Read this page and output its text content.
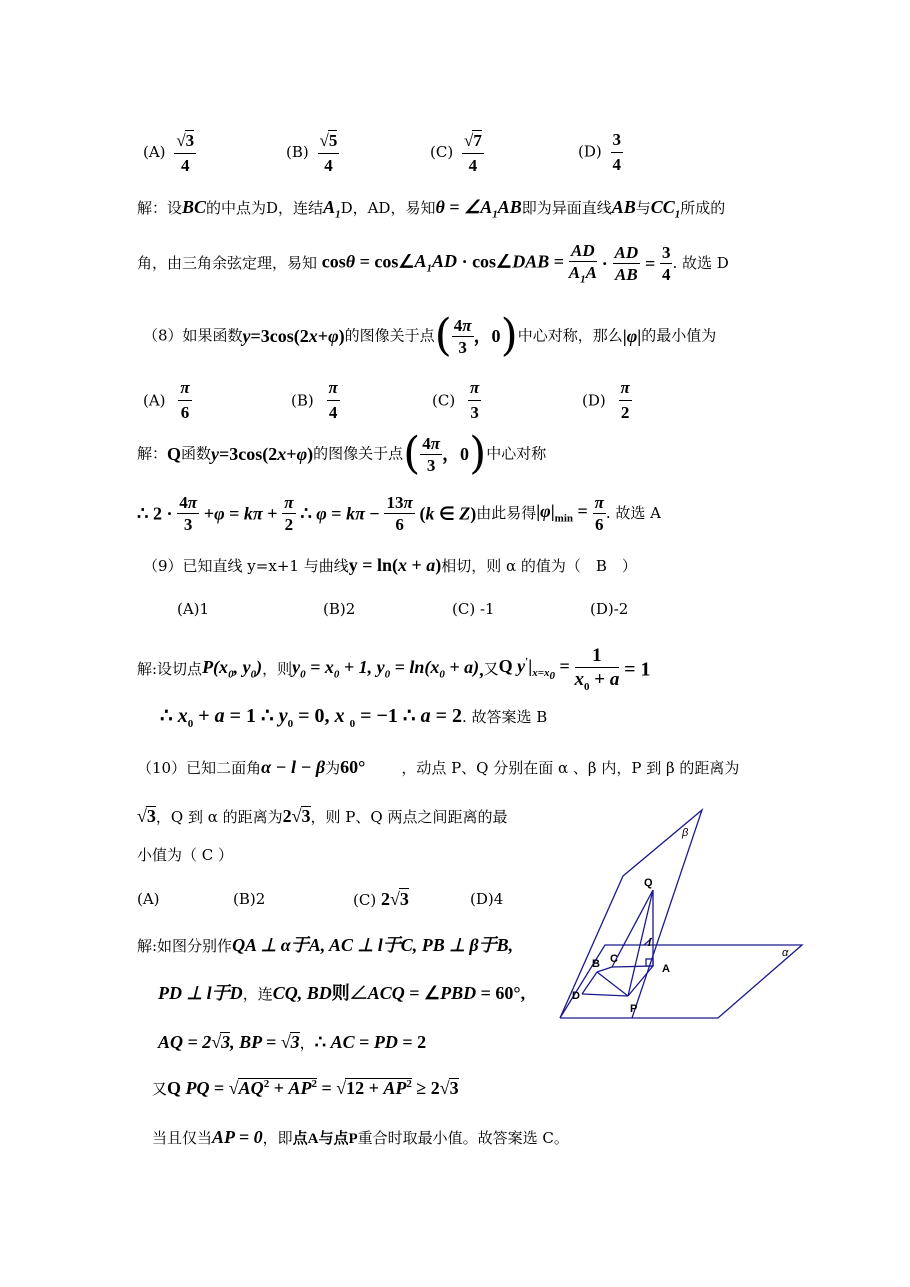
$(A) \frac{√3}{4}$	$(B) \frac{√5}{4}$	$(C) \frac{√7}{4}$	$(D) \frac{3}{4}$
解：设BC的中点为D，连结$A_1D$，AD，易知$\theta = \angle A_1AB$即为异面直线AB与$CC_1$所成的
角，由三角余弦定理，易知 $\cos\theta = \cos\angle A_1AD$ · cos∠DAB = $\frac{AD}{A_1A} \cdot \frac{AD}{AB} = \frac{3}{4}$ . 故选 D
（8）如果函数y=3cos(2x+φ)的图像关于点( $\frac{4\pi}{3}$ ，0)中心对称，那么|φ|的最小值为
$(A) \frac{\pi}{6}$	$(B) \frac{\pi}{4}$	$(C) \frac{\pi}{3}$	$(D) \frac{\pi}{2}$
解：Q函数y=3cos(2x+φ)的图像关于点( $\frac{4\pi}{3}$ ，0)中心对称
∴ $2 \cdot \frac{4\pi}{3} +\varphi = k\pi + \frac{\pi}{2}$ ∴ $\varphi = k\pi - \frac{13\pi}{6} (k$ ∈ Z)由此易得$|\varphi|_{min} = \frac{\pi}{6}$ . 故选 A
（9）已知直线 y=x+1 与曲线y = ln(x + a)相切，则 α 的值为（　B　）
(A)1	(B)2	(C) -1	(D)-2
解:设切点$P(x_0$, $y_0$)，则$y_0 = x_0 + 1$, $y_0 = \ln(x_0 + a)$,又Q $y'|_{x=x_0} = \frac{1}{x_0 + a} = 1$
∴ $x_0 + a = 1$ ∴ $y_0 = 0$, x $_0$ = −1 ∴ a = 2. 故答案选 B
（10）已知二面角α − l − β为60° ，动点 P、Q 分别在面 α 、β 内，P 到 β 的距离为
√3，Q 到 α 的距离为2√3，则 P、Q 两点之间距离的最
小值为（ C ）
(A)	(B)2	(C) 2√3	(D)4
解:如图分别作QA ⊥ α于A, AC ⊥ l于C, PB ⊥ β于B,
PD ⊥ l于D，连CQ, BD则∠ACQ = ∠PBD = 60°,
AQ = 2√3, BP = √3，∴ AC = PD = 2
又Q PQ = $√AQ^2 + AP^2 = √12 + AP^2 \ge 2√3$
当且仅当AP = 0，即点A与点P重合时取最小值。故答案选 C。
β
Q
l
B C
A
α
D
P
